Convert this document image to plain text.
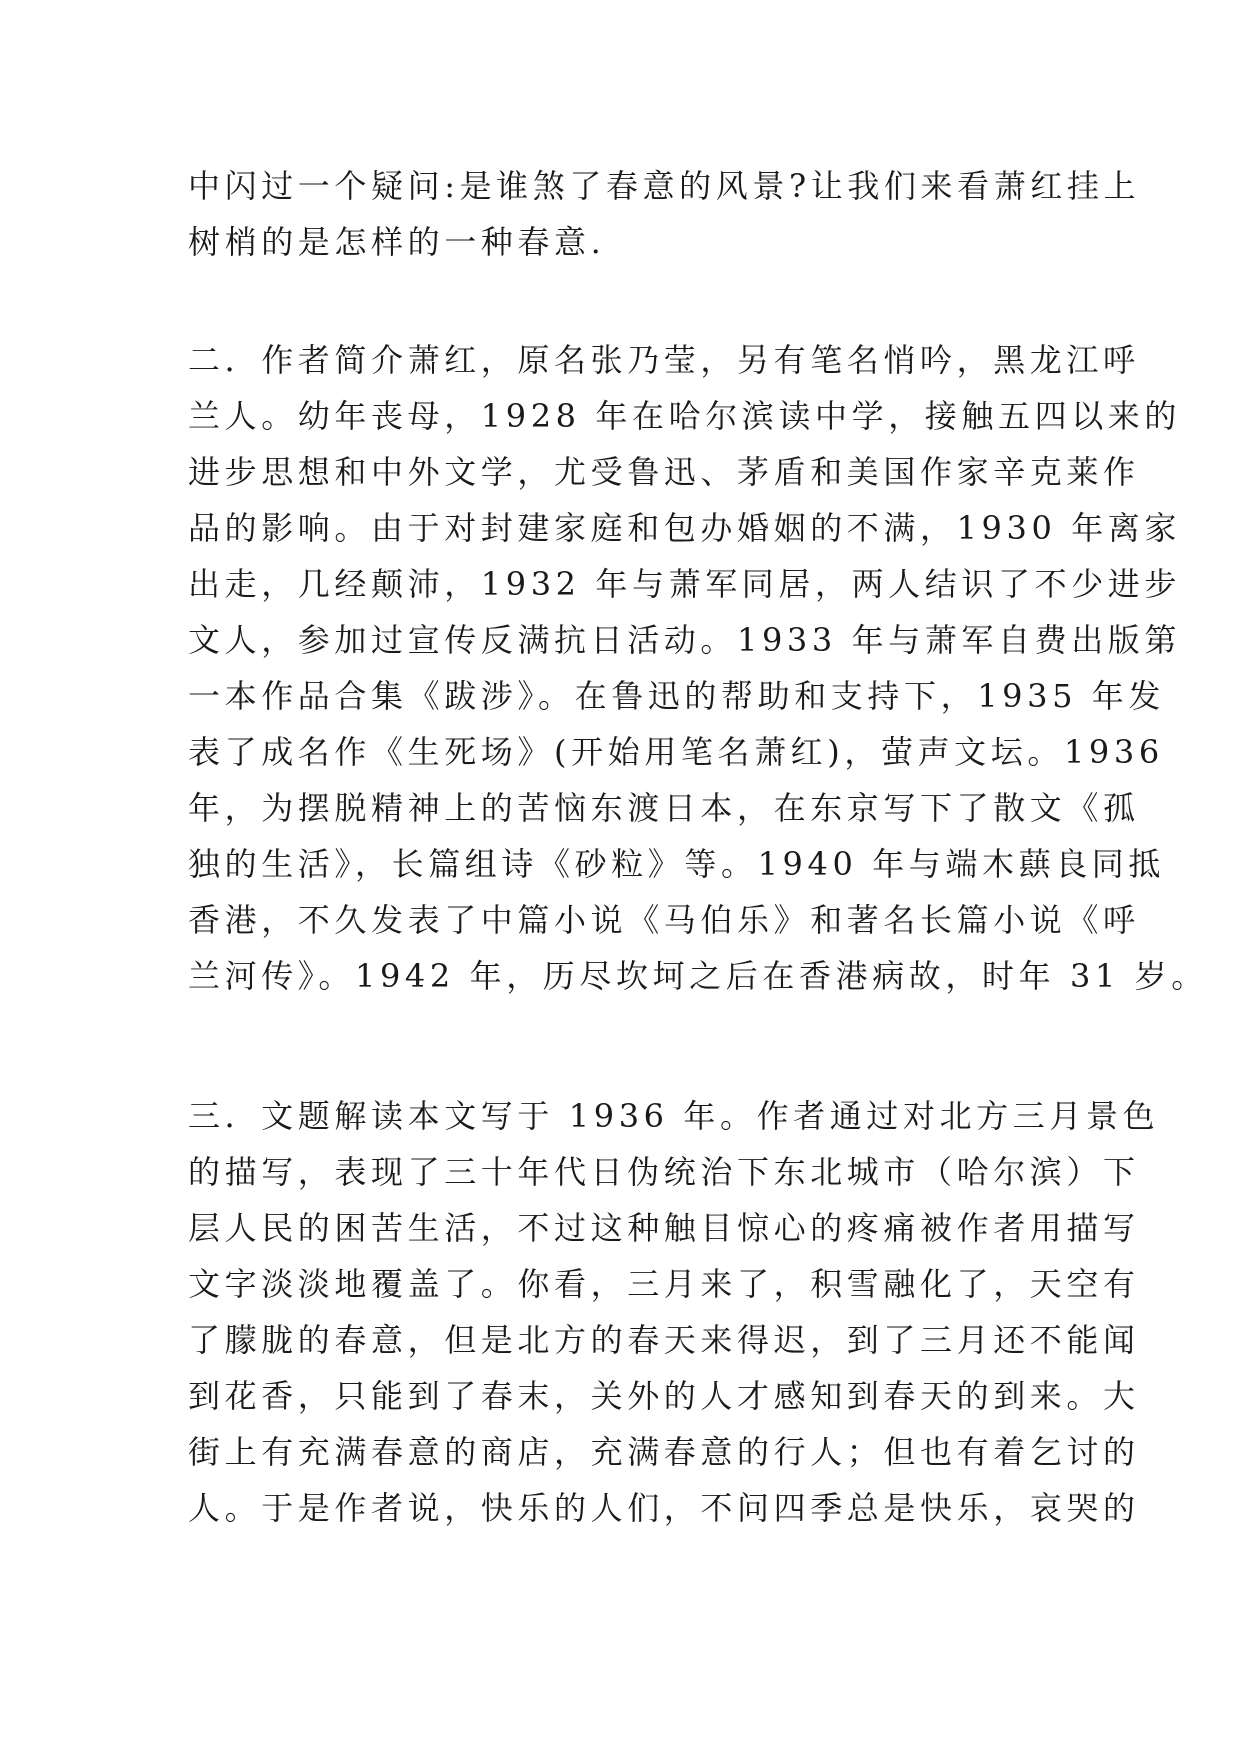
中闪过一个疑问:是谁煞了春意的风景?让我们来看萧红挂上
树梢的是怎样的一种春意.
二．作者简介萧红，原名张乃莹，另有笔名悄吟，黑龙江呼
兰人。幼年丧母，1928 年在哈尔滨读中学，接触五四以来的
进步思想和中外文学，尤受鲁迅、茅盾和美国作家辛克莱作
品的影响。由于对封建家庭和包办婚姻的不满，1930 年离家
出走，几经颠沛，1932 年与萧军同居，两人结识了不少进步
文人，参加过宣传反满抗日活动。1933 年与萧军自费出版第
一本作品合集《跋涉》。在鲁迅的帮助和支持下，1935 年发
表了成名作《生死场》(开始用笔名萧红)，萤声文坛。1936
年，为摆脱精神上的苦恼东渡日本，在东京写下了散文《孤
独的生活》，长篇组诗《砂粒》等。1940 年与端木蕻良同抵
香港，不久发表了中篇小说《马伯乐》和著名长篇小说《呼
兰河传》。1942 年，历尽坎坷之后在香港病故，时年 31 岁。
三．文题解读本文写于 1936 年。作者通过对北方三月景色
的描写，表现了三十年代日伪统治下东北城市（哈尔滨）下
层人民的困苦生活，不过这种触目惊心的疼痛被作者用描写
文字淡淡地覆盖了。你看，三月来了，积雪融化了，天空有
了朦胧的春意，但是北方的春天来得迟，到了三月还不能闻
到花香，只能到了春末，关外的人才感知到春天的到来。大
街上有充满春意的商店，充满春意的行人；但也有着乞讨的
人。于是作者说，快乐的人们，不问四季总是快乐，哀哭的
